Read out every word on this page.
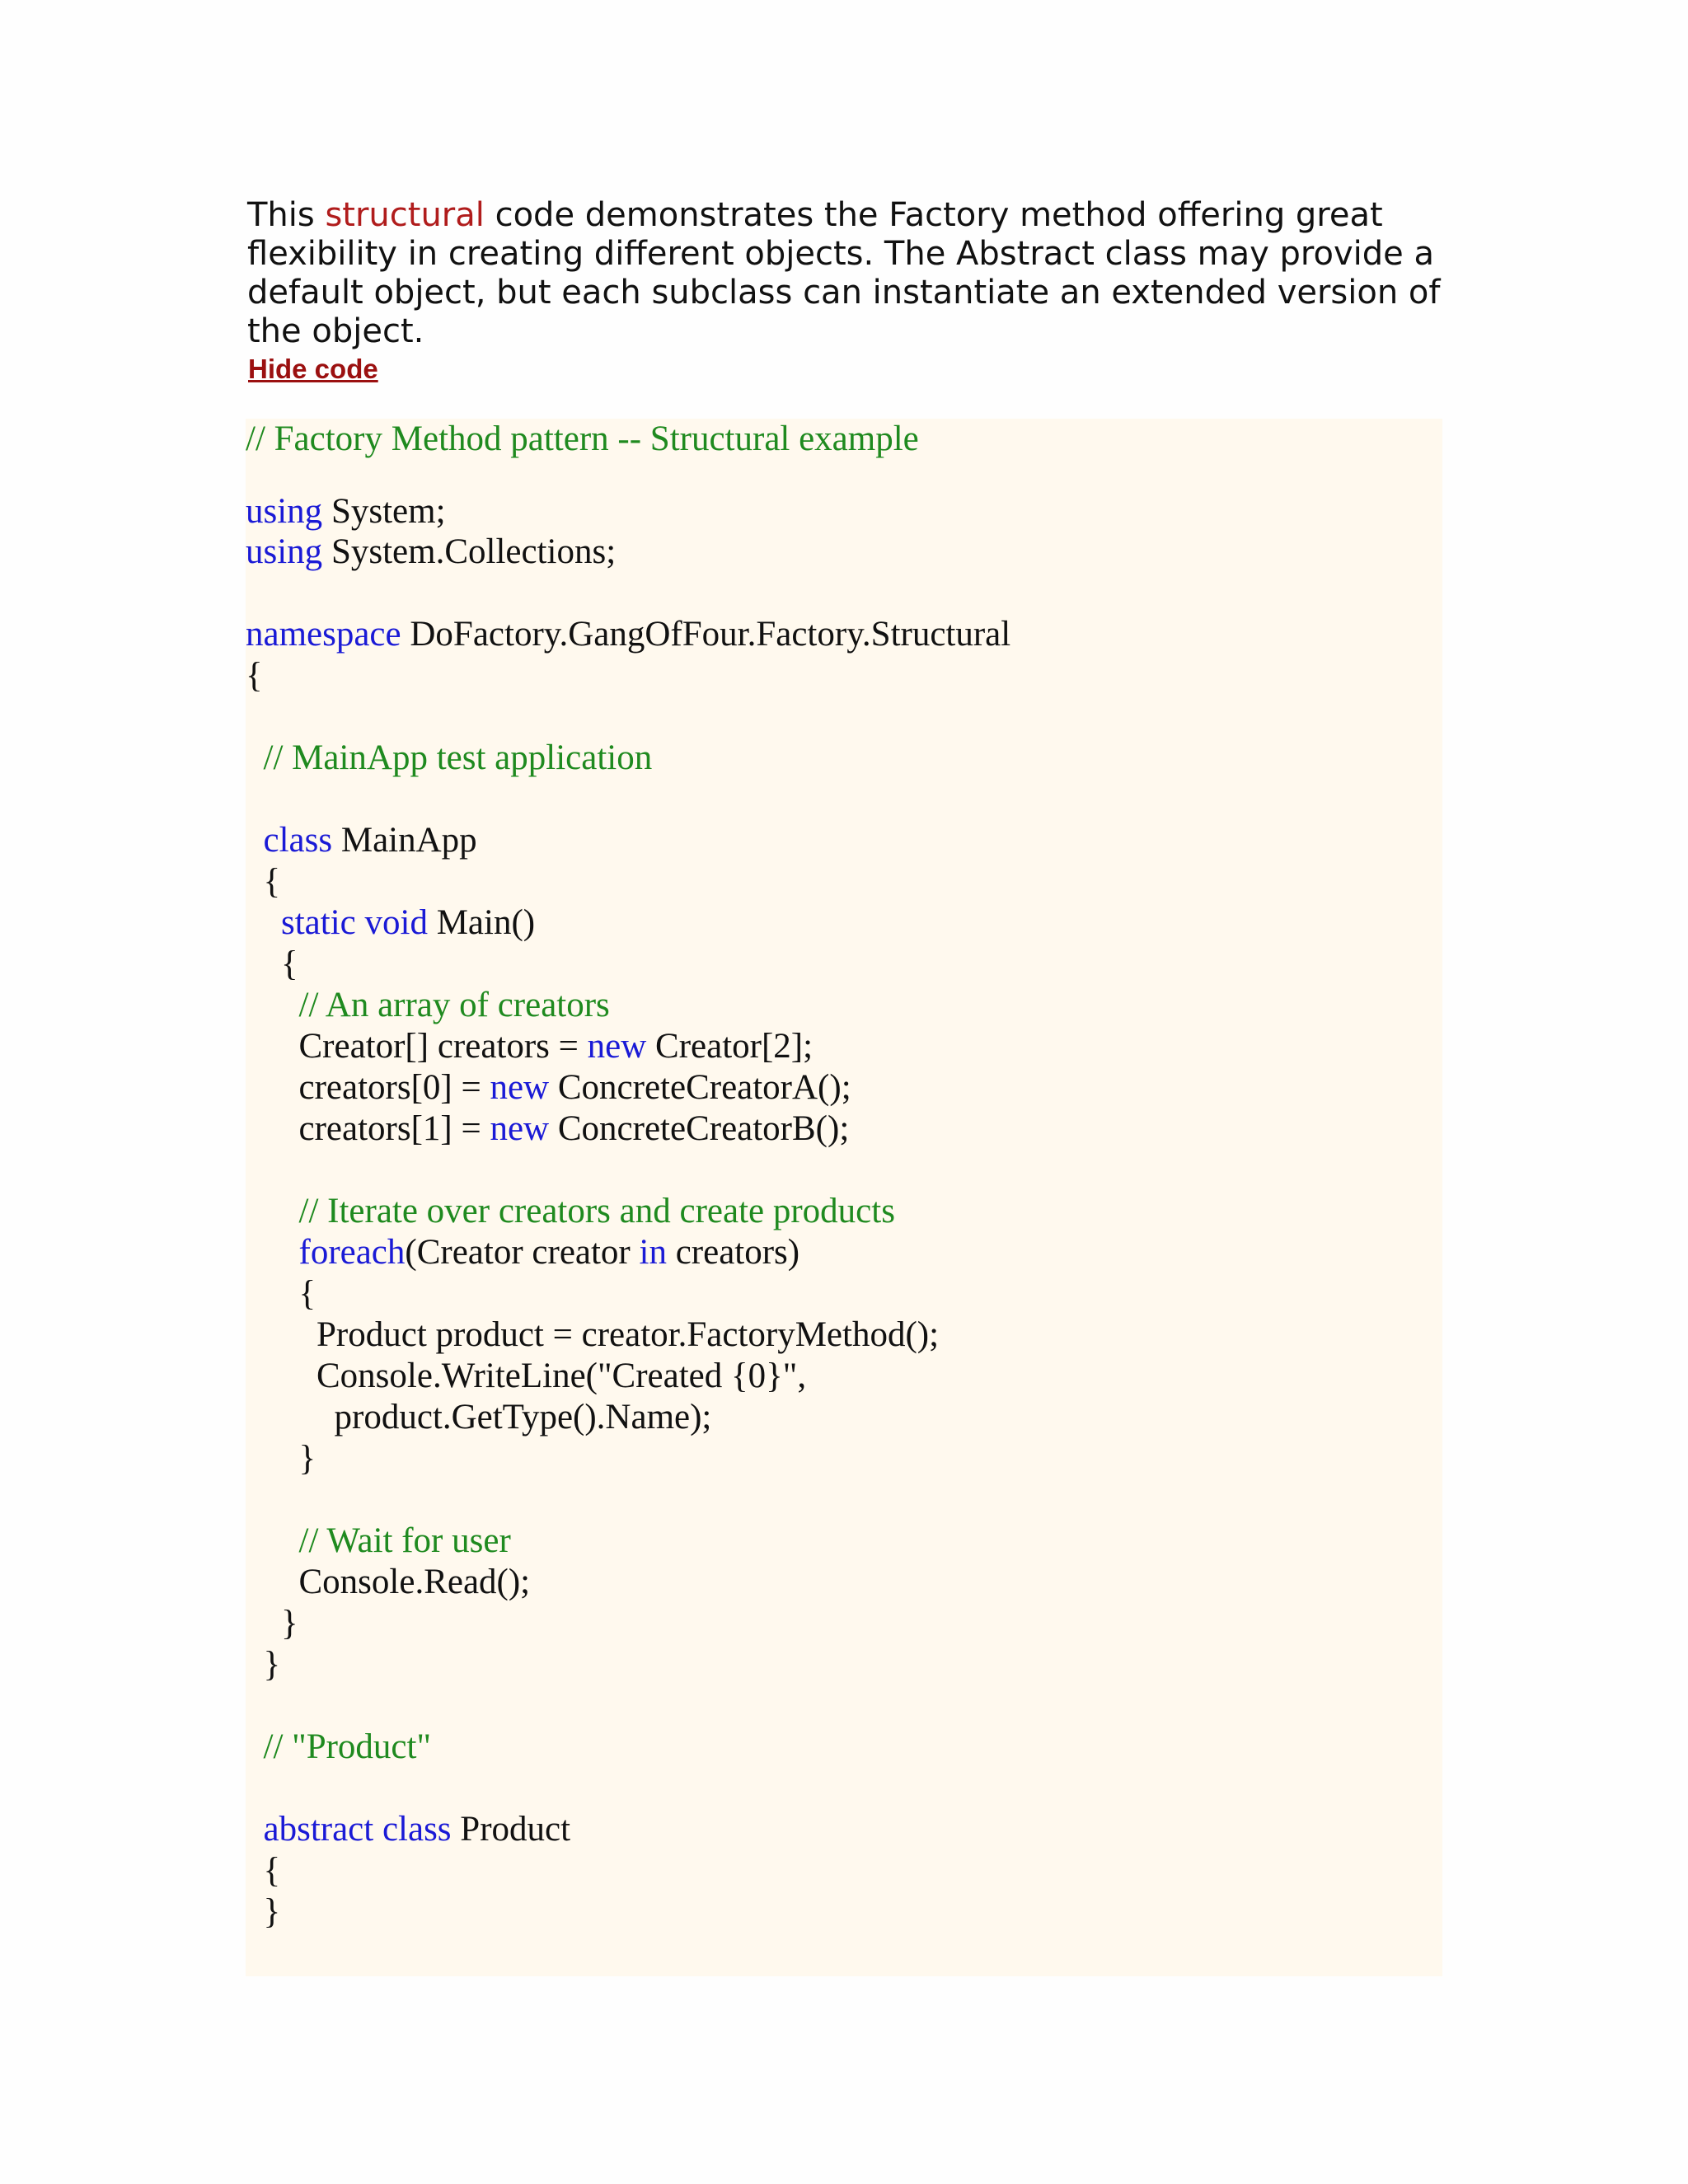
This structural code demonstrates the Factory method offering great flexibility in creating different objects. The Abstract class may provide a default object, but each subclass can instantiate an extended version of the object.
Hide code
// Factory Method pattern -- Structural example
using System;
using System.Collections;
namespace DoFactory.GangOfFour.Factory.Structural
{
// MainApp test application
class MainApp
{
static void Main()
{
// An array of creators
Creator[] creators = new Creator[2];
creators[0] = new ConcreteCreatorA();
creators[1] = new ConcreteCreatorB();
// Iterate over creators and create products
foreach(Creator creator in creators)
{
Product product = creator.FactoryMethod();
Console.WriteLine("Created {0}",
product.GetType().Name);
}
// Wait for user
Console.Read();
}
}
// "Product"
abstract class Product
{
}
